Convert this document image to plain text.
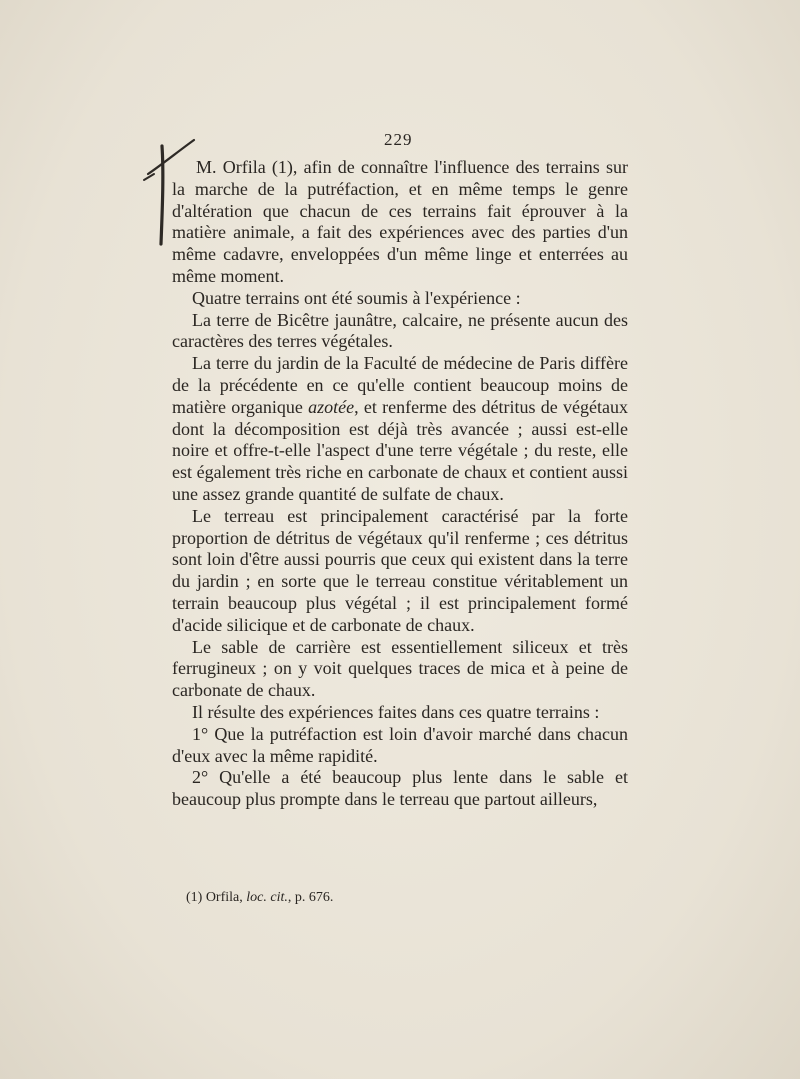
229

M. Orfila (1), afin de connaître l'influence des terrains sur la marche de la putréfaction, et en même temps le genre d'altération que chacun de ces terrains fait éprouver à la matière animale, a fait des expériences avec des parties d'un même cadavre, enveloppées d'un même linge et enterrées au même moment.

Quatre terrains ont été soumis à l'expérience :

La terre de Bicêtre jaunâtre, calcaire, ne présente aucun des caractères des terres végétales.

La terre du jardin de la Faculté de médecine de Paris diffère de la précédente en ce qu'elle contient beaucoup moins de matière organique azotée, et renferme des détritus de végétaux dont la décomposition est déjà très avancée ; aussi est-elle noire et offre-t-elle l'aspect d'une terre végétale ; du reste, elle est également très riche en carbonate de chaux et contient aussi une assez grande quantité de sulfate de chaux.

Le terreau est principalement caractérisé par la forte proportion de détritus de végétaux qu'il renferme ; ces détritus sont loin d'être aussi pourris que ceux qui existent dans la terre du jardin ; en sorte que le terreau constitue véritablement un terrain beaucoup plus végétal ; il est principalement formé d'acide silicique et de carbonate de chaux.

Le sable de carrière est essentiellement siliceux et très ferrugineux ; on y voit quelques traces de mica et à peine de carbonate de chaux.

Il résulte des expériences faites dans ces quatre terrains :

1° Que la putréfaction est loin d'avoir marché dans chacun d'eux avec la même rapidité.

2° Qu'elle a été beaucoup plus lente dans le sable et beaucoup plus prompte dans le terreau que partout ailleurs,

(1) Orfila, loc. cit., p. 676.
